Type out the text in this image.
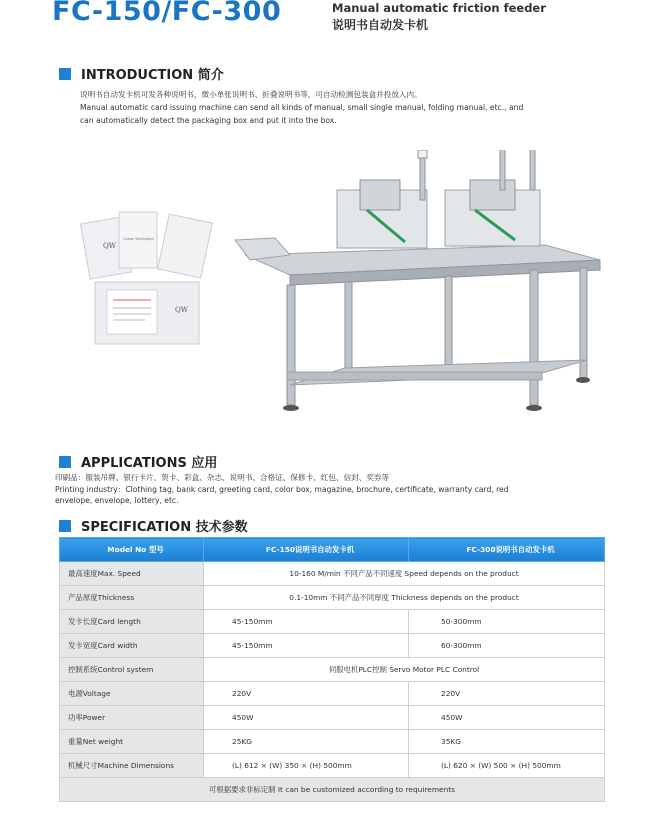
FC-150/FC-300	Manual automatic friction feeder
说明书自动发卡机
INTRODUCTION 简介
说明书自动发卡机可发各种说明书，微小单张说明书、折叠说明书等，可自动检测包装盒并投放入内。
Manual automatic card issuing machine can send all kinds of manual, small single manual, folding manual, etc., and
can automatically detect the packaging box and put it into the box.
QW
Ocean Wellington
QW
APPLICATIONS 应用
印刷品：服装吊牌、银行卡片、贺卡、彩盒、杂志、说明书、合格证、保修卡、红包、信封、奖券等
Printing industry：Clothing tag, bank card, greeting card, color box, magazine, brochure, certificate, warranty card, red
envelope, envelope, lottery, etc.
SPECIFICATION 技术参数
Model No 型号	FC-150说明书自动发卡机	FC-300说明书自动发卡机
最高速度Max. Speed	10-160 M/min 不同产品不同速度 Speed depends on the product	
产品厚度Thickness	0.1-10mm 不同产品不同厚度 Thickness depends on the product	
发卡长度Card length	45-150mm	50-300mm
发卡宽度Card width	45-150mm	60-300mm
控制系统Control system	伺服电机PLC控制 Servo Motor PLC Control	
电源Voltage	220V	220V
功率Power	450W	450W
重量Net weight	25KG	35KG
机械尺寸Machine Dimensions	(L) 612 × (W) 350 × (H) 500mm	(L) 620 × (W) 500 × (H) 500mm
可根据要求非标定制 It can be customized according to requirements		
